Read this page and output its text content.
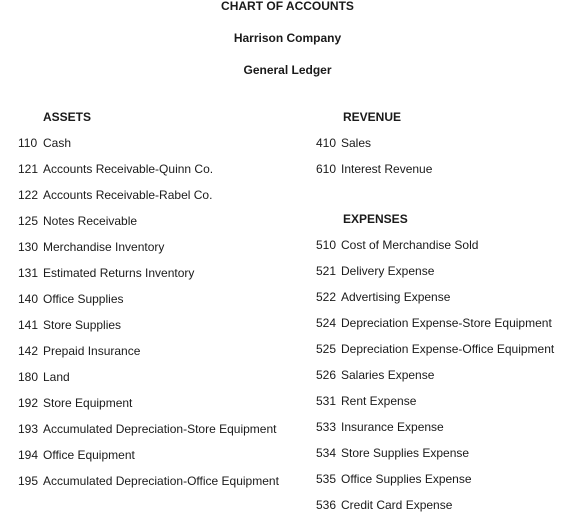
CHART OF ACCOUNTS
Harrison Company
General Ledger
ASSETS
110 Cash
121 Accounts Receivable-Quinn Co.
122 Accounts Receivable-Rabel Co.
125 Notes Receivable
130 Merchandise Inventory
131 Estimated Returns Inventory
140 Office Supplies
141 Store Supplies
142 Prepaid Insurance
180 Land
192 Store Equipment
193 Accumulated Depreciation-Store Equipment
194 Office Equipment
195 Accumulated Depreciation-Office Equipment
REVENUE
410 Sales
610 Interest Revenue
EXPENSES
510 Cost of Merchandise Sold
521 Delivery Expense
522 Advertising Expense
524 Depreciation Expense-Store Equipment
525 Depreciation Expense-Office Equipment
526 Salaries Expense
531 Rent Expense
533 Insurance Expense
534 Store Supplies Expense
535 Office Supplies Expense
536 Credit Card Expense
